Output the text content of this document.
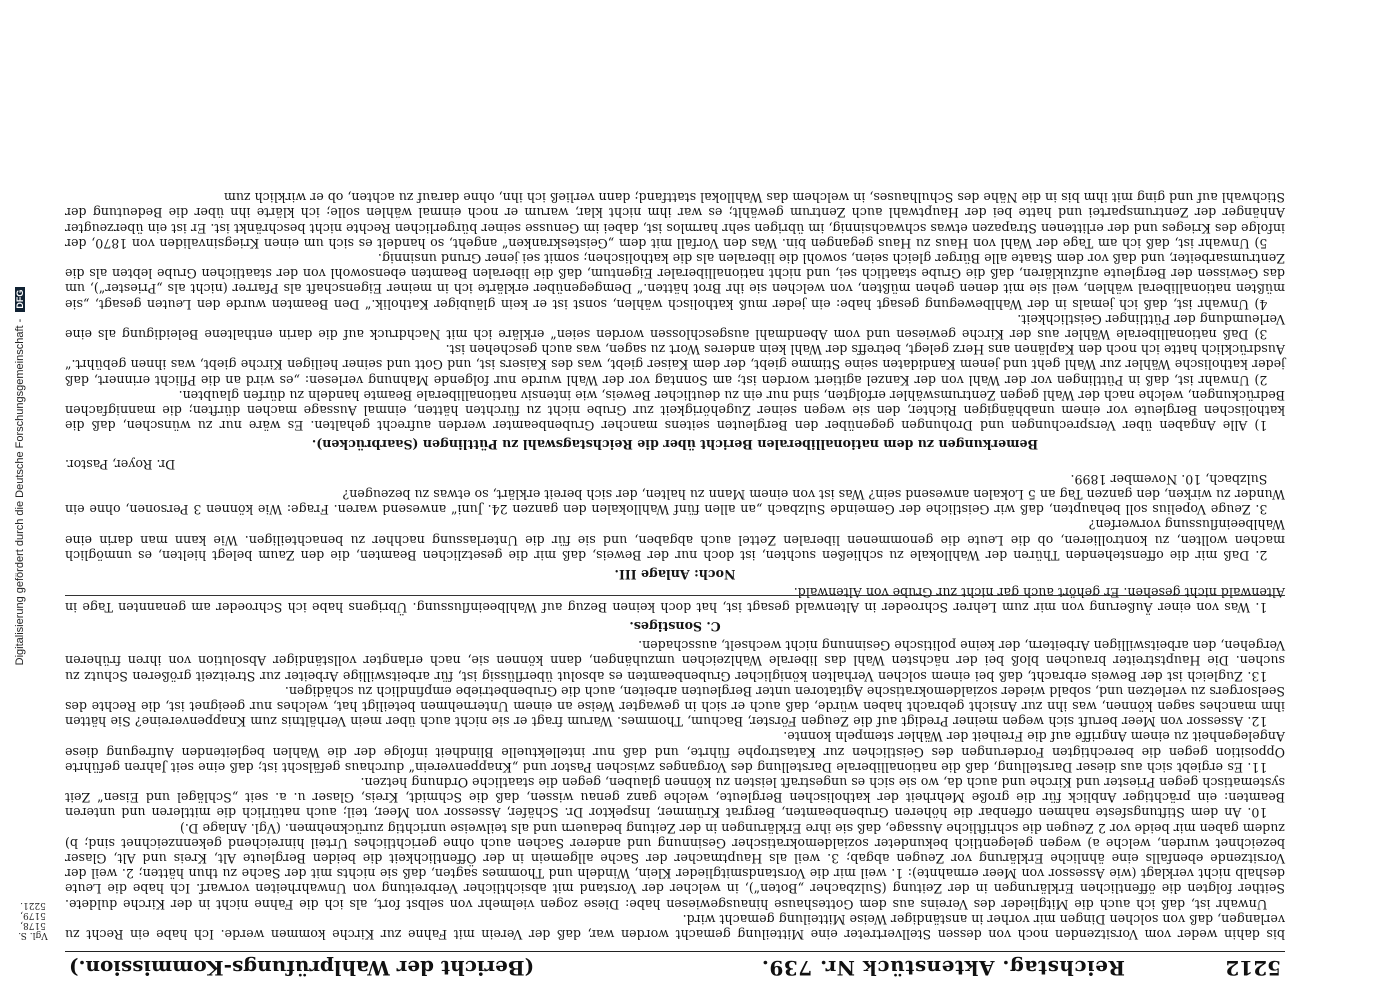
5212
Reichstag. Aktenstück Nr. 739.
(Bericht der Wahlprüfungs-Kommission.)

bis dahin weder vom Vorsitzenden noch von dessen Stellvertreter eine Mitteilung gemacht worden war, daß der Verein mit Fahne zur Kirche kommen werde. Ich habe ein Recht zu verlangen, daß von solchen Dingen mir vorher in anständiger Weise Mitteilung gemacht wird.

Unwahr ist, daß ich auch die Mitglieder des Vereins aus dem Gotteshause hinausgewiesen habe: Diese zogen vielmehr von selbst fort, als ich die Fahne nicht in der Kirche duldete. Seither folgten die öffentlichen Erklärungen in der Zeitung (Sulzbacher „Boten“), in welcher der Vorstand mit absichtlicher Verbreitung von Unwahrheiten vorwarf. Ich habe die Leute deshalb nicht verklagt (wie Assessor von Meer ermahnte): 1. weil mir die Vorstandsmitglieder Klein, Windeln und Thommes sagten, daß sie nichts mit der Sache zu thun hätten; 2. weil der Vorsitzende ebenfalls eine ähnliche Erklärung vor Zeugen abgab; 3. weil als Hauptmacher der Sache allgemein in der Öffentlichkeit die beiden Bergleute Alt, Kreis und Alt, Glaser bezeichnet wurden, welche a) wegen gelegentlich bekundeter sozialdemokratischer Gesinnung und anderer Sachen auch ohne gerichtliches Urteil hinreichend gekennzeichnet sind; b) zudem gaben mir beide vor 2 Zeugen die schriftliche Aussage, daß sie ihre Erklärungen in der Zeitung bedauern und als teilweise unrichtig zurücknehmen. (Vgl. Anlage D.)

10. An dem Stiftungsfeste nahmen offenbar die höheren Grubenbeamten, Bergrat Krümmer, Inspektor Dr. Schäfer, Assessor von Meer, teil; auch natürlich die mittleren und unteren Beamten: ein prächtiger Anblick für die große Mehrheit der katholischen Bergleute, welche ganz genau wissen, daß die Schmidt, Kreis, Glaser u. a. seit „Schlägel und Eisen“ Zeit systematisch gegen Priester und Kirche und auch da, wo sie sich es ungestraft leisten zu können glauben, gegen die staatliche Ordnung hetzen.

11. Es ergiebt sich aus dieser Darstellung, daß die nationalliberale Darstellung des Vorganges zwischen Pastor und „Knappenverein“ durchaus gefälscht ist; daß eine seit Jahren geführte Opposition gegen die berechtigten Forderungen des Geistlichen zur Katastrophe führte, und daß nur intellektuelle Blindheit infolge der die Wahlen begleitenden Aufregung diese Angelegenheit zu einem Angriffe auf die Freiheit der Wähler stempeln konnte.

12. Assessor von Meer beruft sich wegen meiner Predigt auf die Zeugen Förster, Bachum, Thommes. Warum fragt er sie nicht auch über mein Verhältnis zum Knappenvereine? Sie hätten ihm manches sagen können, was ihn zur Ansicht gebracht haben würde, daß auch er sich in gewagter Weise an einem Unternehmen beteiligt hat, welches nur geeignet ist, die Rechte des Seelsorgers zu verletzen und, sobald wieder sozialdemokratische Agitatoren unter Bergleuten arbeiten, auch die Grubenbetriebe empfindlich zu schädigen.

13. Zugleich ist der Beweis erbracht, daß bei einem solchen Verhalten königlicher Grubenbeamten es absolut überflüssig ist, für arbeitswillige Arbeiter zur Streitzeit größeren Schutz zu suchen. Die Hauptstreiter brauchen bloß bei der nächsten Wahl das liberale Wahlzeichen umzuhängen, dann können sie, nach erlangter vollständiger Absolution von ihren früheren Vergehen, den arbeitswilligen Arbeitern, der keine politische Gesinnung nicht wechselt, ausschaden.

C. Sonstiges.

1. Was von einer Äußerung von mir zum Lehrer Schroeder in Altenwald gesagt ist, hat doch keinen Bezug auf Wahlbeeinflussung. Übrigens habe ich Schroeder am genannten Tage in Altenwald nicht gesehen. Er gehört auch gar nicht zur Grube von Altenwald.

Noch: Anlage III.

2. Daß mir die offenstehenden Thüren der Wahllokale zu schließen suchten, ist doch nur der Beweis, daß mir die gesetzlichen Beamten, die den Zaum belegt hielten, es unmöglich machen wollten, zu kontrollieren, ob die Leute die genommenen liberalen Zettel auch abgaben, und sie für die Unterlassung nachher zu benachteiligen. Wie kann man darin eine Wahlbeeinflussung vorwerfen?

3. Zeuge Vopelius soll behaupten, daß wir Geistliche der Gemeinde Sulzbach „an allen fünf Wahllokalen den ganzen 24. Juni“ anwesend waren. Frage: Wie können 3 Personen, ohne ein Wunder zu wirken, den ganzen Tag an 5 Lokalen anwesend sein? Was ist von einem Mann zu halten, der sich bereit erklärt, so etwas zu bezeugen?

Sulzbach, 10. November 1899.

Dr. Royer, Pastor.

Bemerkungen zu dem nationalliberalen Bericht über die Reichstagswahl zu Püttlingen (Saarbrücken).

1) Alle Angaben über Versprechungen und Drohungen gegenüber den Bergleuten seitens mancher Grubenbeamter werden aufrecht gehalten. Es wäre nur zu wünschen, daß die katholischen Bergleute vor einem unabhängigen Richter, den sie wegen seiner Zugehörigkeit zur Grube nicht zu fürchten hätten, einmal Aussage machen dürften; die mannigfachen Bedrückungen, welche nach der Wahl gegen Zentrumswähler erfolgten, sind nur ein zu deutlicher Beweis, wie intensiv nationalliberale Beamte handeln zu dürfen glaubten.

2) Unwahr ist, daß in Püttlingen vor der Wahl von der Kanzel agitiert worden ist; am Sonntag vor der Wahl wurde nur folgende Mahnung verlesen: „es wird an die Pflicht erinnert, daß jeder katholische Wähler zur Wahl geht und jenem Kandidaten seine Stimme giebt, der dem Kaiser giebt, was des Kaisers ist, und Gott und seiner heiligen Kirche giebt, was ihnen gebührt.“ Ausdrücklich hatte ich noch den Kaplänen ans Herz gelegt, betreffs der Wahl kein anderes Wort zu sagen, was auch geschehen ist.

3) Daß nationalliberale Wähler aus der Kirche gewiesen und vom Abendmahl ausgeschlossen worden seien“ erkläre ich mit Nachdruck auf die darin enthaltene Beleidigung als eine Verleumdung der Püttlinger Geistlichkeit.

4) Unwahr ist, daß ich jemals in der Wahlbewegung gesagt habe: ein jeder muß katholisch wählen, sonst ist er kein gläubiger Katholik.“ Den Beamten wurde den Leuten gesagt, „sie müßten nationalliberal wählen, weil sie mit denen gehen müßten, von welchen sie ihr Brot hätten.“ Demgegenüber erklärte ich in meiner Eigenschaft als Pfarrer (nicht als „Priester“), um das Gewissen der Bergleute aufzuklären, daß die Grube staatlich sei, und nicht nationalliberaler Eigentum, daß die liberalen Beamten ebensowohl von der staatlichen Grube lebten als die Zentrumsarbeiter, und daß vor dem Staate alle Bürger gleich seien, sowohl die liberalen als die katholischen; somit sei jener Grund unsinnig.

5) Unwahr ist, daß ich am Tage der Wahl von Haus zu Haus gegangen bin. Was den Vorfall mit dem „Geisteskranken“ angeht, so handelt es sich um einen Kriegsinvaliden von 1870, der infolge des Krieges und der erlittenen Strapazen etwas schwachsinnig, im übrigen sehr harmlos ist, dabei im Genusse seiner bürgerlichen Rechte nicht beschränkt ist. Er ist ein überzeugter Anhänger der Zentrumspartei und hatte bei der Hauptwahl auch Zentrum gewählt; es war ihm nicht klar, warum er noch einmal wählen solle; ich klärte ihn über die Bedeutung der Stichwahl auf und ging mit ihm bis in die Nähe des Schulhauses, in welchem das Wahllokal stattfand; dann verließ ich ihn, ohne darauf zu achten, ob er wirklich zum

Vgl. S. 5178, 5179, 5221.
Digitalisierung gefördert durch die Deutsche Forschungsgemeinschaft - DFG
